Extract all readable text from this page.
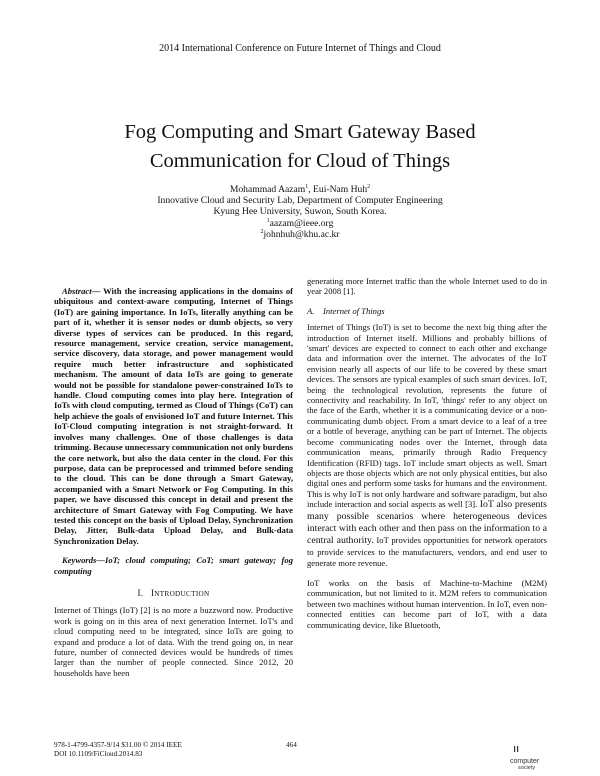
2014 International Conference on Future Internet of Things and Cloud
Fog Computing and Smart Gateway Based
Communication for Cloud of Things
Mohammad Aazam$^1$, Eui-Nam Huh$^2$
Innovative Cloud and Security Lab, Department of Computer Engineering
Kyung Hee University, Suwon, South Korea.
$^1$aazam@ieee.org
$^2$johnhuh@khu.ac.kr

Abstract— With the increasing applications in the domains of ubiquitous and context-aware computing, Internet of Things (IoT) are gaining importance. In IoTs, literally anything can be part of it, whether it is sensor nodes or dumb objects, so very diverse types of services can be produced. In this regard, resource management, service creation, service management, service discovery, data storage, and power management would require much better infrastructure and sophisticated mechanism. The amount of data IoTs are going to generate would not be possible for standalone power-constrained IoTs to handle. Cloud computing comes into play here. Integration of IoTs with cloud computing, termed as Cloud of Things (CoT) can help achieve the goals of envisioned IoT and future Internet. This IoT-Cloud computing integration is not straight-forward. It involves many challenges. One of those challenges is data trimming. Because unnecessary communication not only burdens the core network, but also the data center in the cloud. For this purpose, data can be preprocessed and trimmed before sending to the cloud. This can be done through a Smart Gateway, accompanied with a Smart Network or Fog Computing. In this paper, we have discussed this concept in detail and present the architecture of Smart Gateway with Fog Computing. We have tested this concept on the basis of Upload Delay, Synchronization Delay, Jitter, Bulk-data Upload Delay, and Bulk-data Synchronization Delay.

Keywords—IoT; cloud computing; CoT; smart gateway; fog computing

I. INTRODUCTION

Internet of Things (IoT) [2] is no more a buzzword now. Productive work is going on in this area of next generation Internet. IoT's and cloud computing need to be integrated, since IoTs are going to expand and produce a lot of data. With the trend going on, in near future, number of connected devices would be hundreds of times larger than the number of people connected. Since 2012, 20 households have been

generating more Internet traffic than the whole Internet used to do in year 2008 [1].

A.    Internet of Things

Internet of Things (IoT) is set to become the next big thing after the introduction of Internet itself. Millions and probably billions of 'smart' devices are expected to connect to each other and exchange data and information over the internet. The advocates of the IoT envision nearly all aspects of our life to be covered by these smart devices. The sensors are typical examples of such smart devices. IoT, being the technological revolution, represents the future of connectivity and reachability. In IoT, 'things' refer to any object on the face of the Earth, whether it is a communicating device or a non-communicating dumb object. From a smart device to a leaf of a tree or a bottle of beverage, anything can be part of Internet. The objects become communicating nodes over the Internet, through data communication means, primarily through Radio Frequency Identification (RFID) tags. IoT include smart objects as well. Smart objects are those objects which are not only physical entities, but also digital ones and perform some tasks for humans and the environment. This is why IoT is not only hardware and software paradigm, but also include interaction and social aspects as well [3]. IoT also presents many possible scenarios where heterogeneous devices interact with each other and then pass on the information to a central authority. IoT provides opportunities for network operators to provide services to the manufacturers, vendors, and end user to generate more revenue.

IoT works on the basis of Machine-to-Machine (M2M) communication, but not limited to it. M2M refers to communication between two machines without human intervention. In IoT, even non-connected entities can become part of IoT, with a data communicating device, like Bluetooth,

978-1-4799-4357-9/14 $31.00 © 2014 IEEE
DOI 10.1109/FiCloud.2014.83
464
computer
society
